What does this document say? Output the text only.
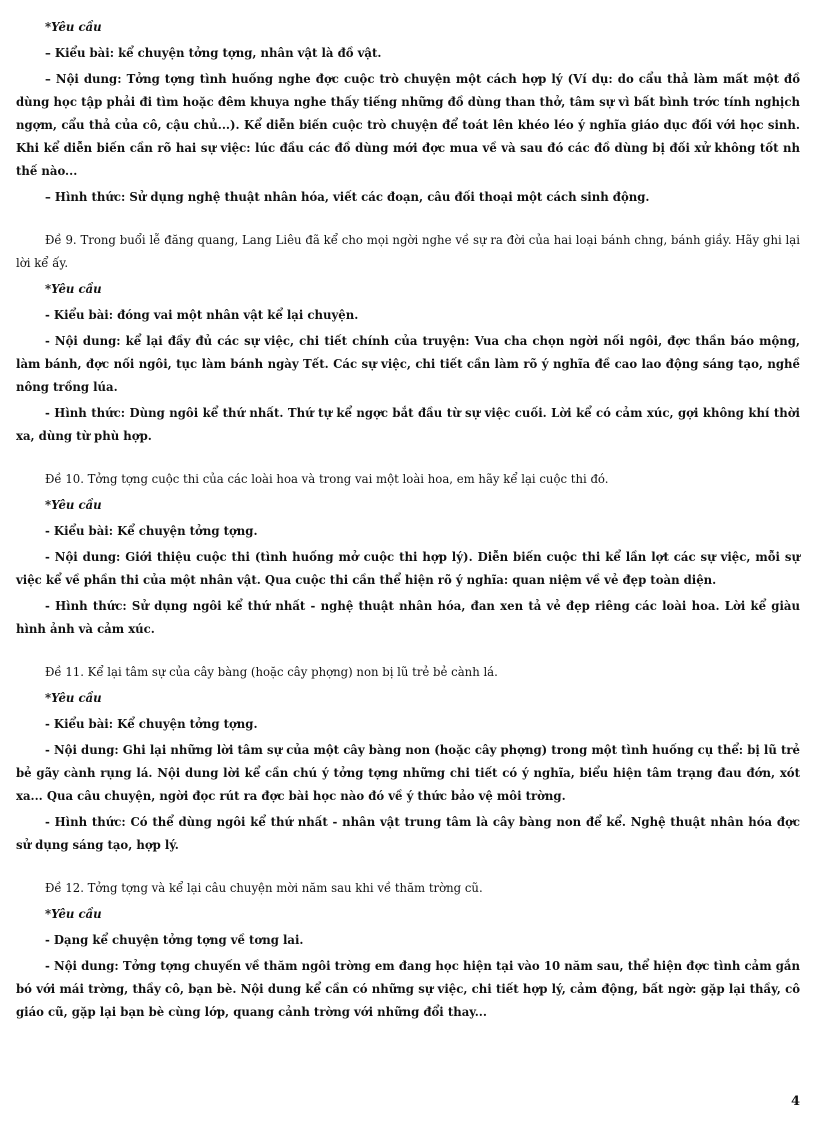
*Yêu cầu

– Kiểu bài: kể chuyện tởng tợng, nhân vật là đồ vật.

– Nội dung: Tởng tợng tình huống nghe đợc cuộc trò chuyện một cách hợp lý (Ví dụ: do cẩu thả làm mất một đồ dùng học tập phải đi tìm hoặc đêm khuya nghe thấy tiếng những đồ dùng than thở, tâm sự vì bất bình trớc tính nghịch ngợm, cẩu thả của cô, cậu chủ...). Kể diễn biến cuộc trò chuyện để toát lên khéo léo ý nghĩa giáo dục đối với học sinh. Khi kể diễn biến cần rõ hai sự việc: lúc đầu các đồ dùng mới đợc mua về và sau đó các đồ dùng bị đối xử không tốt nh thế nào...

– Hình thức: Sử dụng nghệ thuật nhân hóa, viết các đoạn, câu đối thoại một cách sinh động.

Đề 9. Trong buổi lễ đăng quang, Lang Liêu đã kể cho mọi ngời nghe về sự ra đời của hai loại bánh chng, bánh giầy. Hãy ghi lại lời kể ấy.

*Yêu cầu

- Kiểu bài: đóng vai một nhân vật kể lại chuyện.

- Nội dung: kể lại đầy đủ các sự việc, chi tiết chính của truyện: Vua cha chọn ngời nối ngôi, đợc thần báo mộng, làm bánh, đợc nối ngôi, tục làm bánh ngày Tết. Các sự việc, chi tiết cần làm rõ ý nghĩa đề cao lao động sáng tạo, nghề nông trồng lúa.

- Hình thức: Dùng ngôi kể thứ nhất. Thứ tự kể ngợc bắt đầu từ sự việc cuối. Lời kể có cảm xúc, gợi không khí thời xa, dùng từ phù hợp.

Đề 10. Tởng tợng cuộc thi của các loài hoa và trong vai một loài hoa, em hãy kể lại cuộc thi đó.

*Yêu cầu

- Kiểu bài: Kể chuyện tởng tợng.

- Nội dung: Giới thiệu cuộc thi (tình huống mở cuộc thi hợp lý). Diễn biến cuộc thi kể lần lợt các sự việc, mỗi sự việc kể về phần thi của một nhân vật. Qua cuộc thi cần thể hiện rõ ý nghĩa: quan niệm về vẻ đẹp toàn diện.

- Hình thức: Sử dụng ngôi kể thứ nhất - nghệ thuật nhân hóa, đan xen tả vẻ đẹp riêng các loài hoa. Lời kể giàu hình ảnh và cảm xúc.

Đề 11. Kể lại tâm sự của cây bàng (hoặc cây phợng) non bị lũ trẻ bẻ cành lá.

*Yêu cầu

- Kiểu bài: Kể chuyện tởng tợng.

- Nội dung: Ghi lại những lời tâm sự của một cây bàng non (hoặc cây phợng) trong một tình huống cụ thể: bị lũ trẻ bẻ gãy cành rụng lá. Nội dung lời kể cần chú ý tởng tợng những chi tiết có ý nghĩa, biểu hiện tâm trạng đau đớn, xót xa... Qua câu chuyện, ngời đọc rút ra đợc bài học nào đó về ý thức bảo vệ môi trờng.

- Hình thức: Có thể dùng ngôi kể thứ nhất - nhân vật trung tâm là cây bàng non để kể. Nghệ thuật nhân hóa đợc sử dụng sáng tạo, hợp lý.

Đề 12. Tởng tợng và kể lại câu chuyện mời năm sau khi về thăm trờng cũ.

*Yêu cầu

- Dạng kể chuyện tởng tợng về tơng lai.

- Nội dung: Tởng tợng chuyến về thăm ngôi trờng em đang học hiện tại vào 10 năm sau, thể hiện đợc tình cảm gắn bó với mái trờng, thầy cô, bạn bè. Nội dung kể cần có những sự việc, chi tiết hợp lý, cảm động, bất ngờ: gặp lại thầy, cô giáo cũ, gặp lại bạn bè cùng lớp, quang cảnh trờng với những đổi thay...

4
